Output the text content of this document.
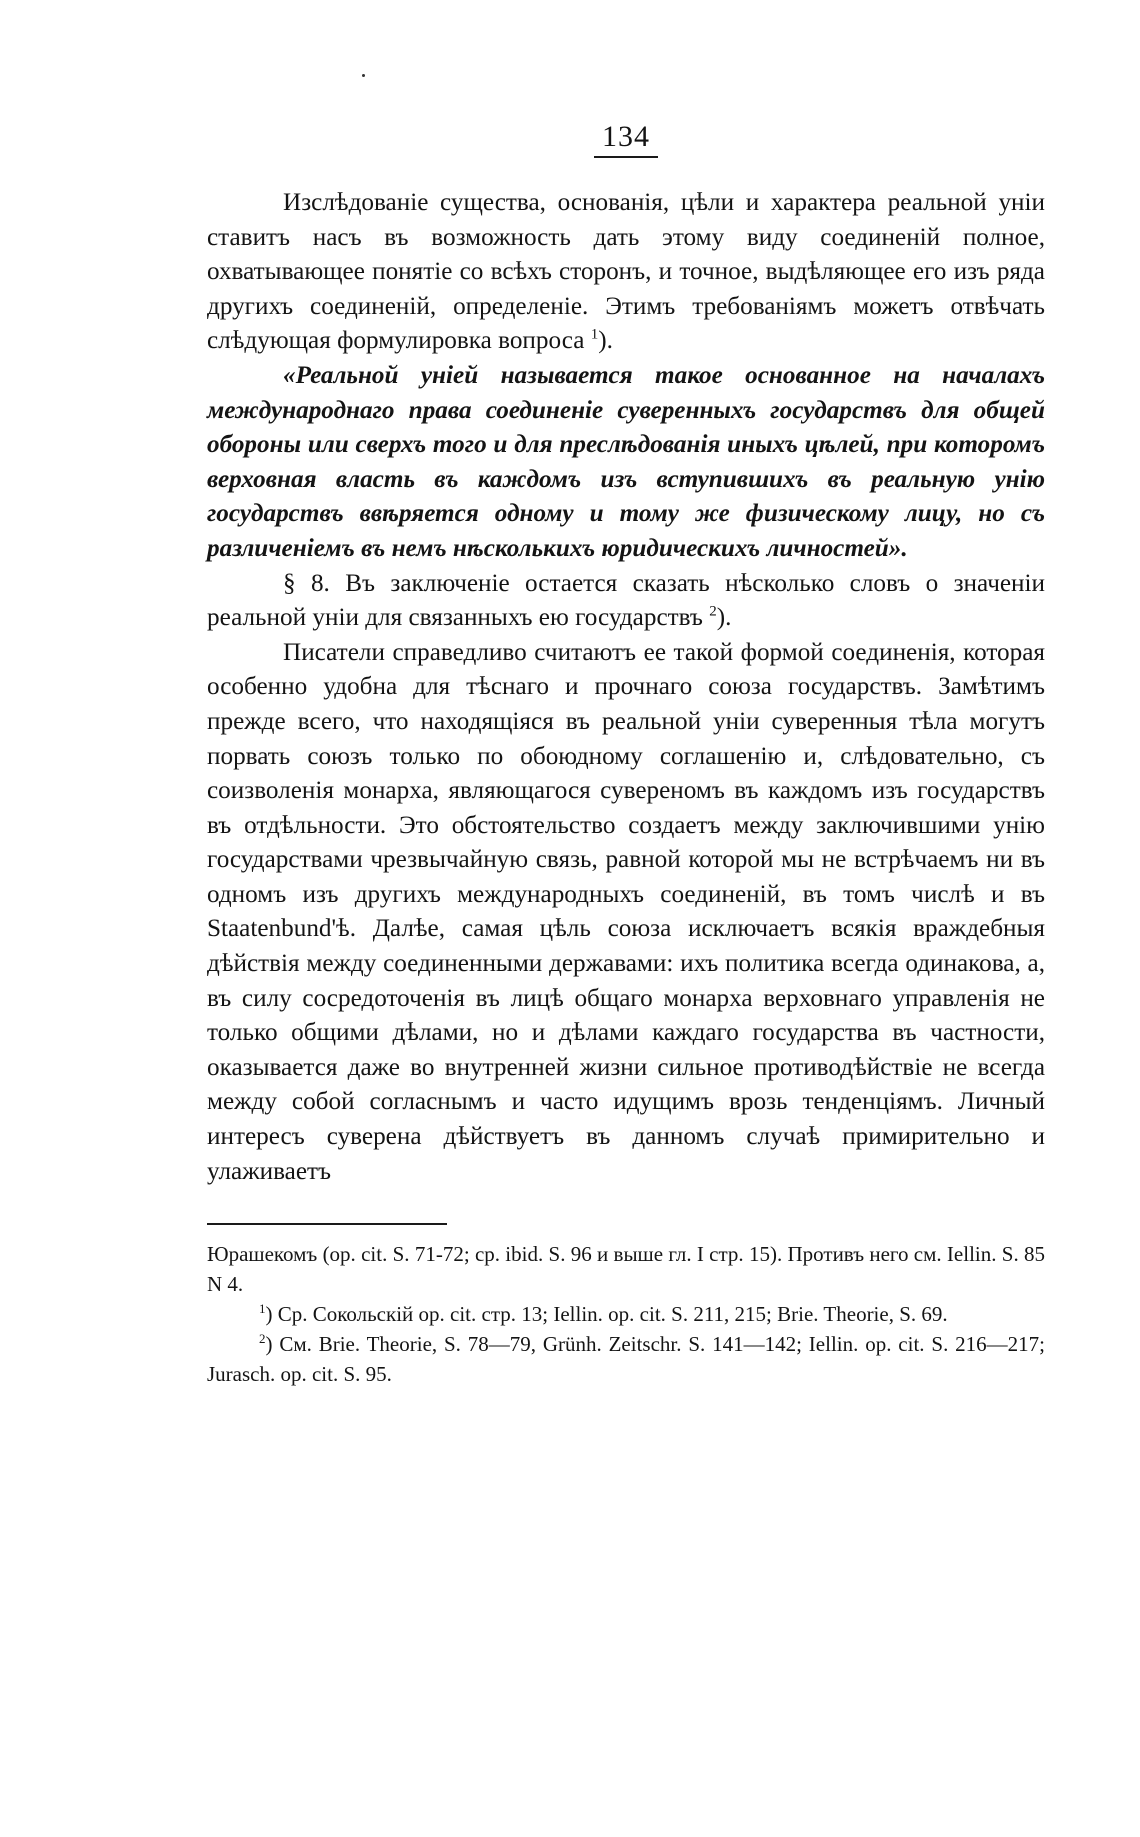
134

Изслѣдованіе существа, основанія, цѣли и характера реальной уніи ставитъ насъ въ возможность дать этому виду соединеній полное, охватывающее понятіе со всѣхъ сторонъ, и точное, выдѣляющее его изъ ряда другихъ соединеній, определеніе. Этимъ требованіямъ можетъ отвѣчать слѣдующая формулировка вопроса $^1$).

«Реальной уніей называется такое основанное на началахъ международнаго права соединеніе суверенныхъ государствъ для общей обороны или сверхъ того и для преслѣдованія иныхъ цѣлей, при которомъ верховная власть въ каждомъ изъ вступившихъ въ реальную унію государствъ ввѣряется одному и тому же физическому лицу, но съ различеніемъ въ немъ нѣсколькихъ юридическихъ личностей».

§ 8. Въ заключеніе остается сказать нѣсколько словъ о значеніи реальной уніи для связанныхъ ею государствъ $^2$).

Писатели справедливо считаютъ ее такой формой соединенія, которая особенно удобна для тѣснаго и прочнаго союза государствъ. Замѣтимъ прежде всего, что находящіяся въ реальной уніи суверенныя тѣла могутъ порвать союзъ только по обоюдному соглашенію и, слѣдовательно, съ соизволенія монарха, являющагося сувереномъ въ каждомъ изъ государствъ въ отдѣльности. Это обстоятельство создаетъ между заключившими унію государствами чрезвычайную связь, равной которой мы не встрѣчаемъ ни въ одномъ изъ другихъ международныхъ соединеній, въ томъ числѣ и въ Staatenbund'ѣ. Далѣе, самая цѣль союза исключаетъ всякія враждебныя дѣйствія между соединенными державами: ихъ политика всегда одинакова, а, въ силу сосредоточенія въ лицѣ общаго монарха верховнаго управленія не только общими дѣлами, но и дѣлами каждаго государства въ частности, оказывается даже во внутренней жизни сильное противодѣйствіе не всегда между собой согласнымъ и часто идущимъ врозь тенденціямъ. Личный интересъ суверена дѣйствуетъ въ данномъ случаѣ примирительно и улаживаетъ

Юрашекомъ (op. cit. S. 71-72; cp. ibid. S. 96 и выше гл. I стр. 15). Противъ него см. Iellin. S. 85 N 4.

$^1$) Ср. Сокольскій op. cit. стр. 13; Iellin. op. cit. S. 211, 215; Brie. Theorie, S. 69.

$^2$) См. Brie. Theorie, S. 78—79, Grünh. Zeitschr. S. 141—142; Iellin. op. cit. S. 216—217; Jurasch. op. cit. S. 95.
